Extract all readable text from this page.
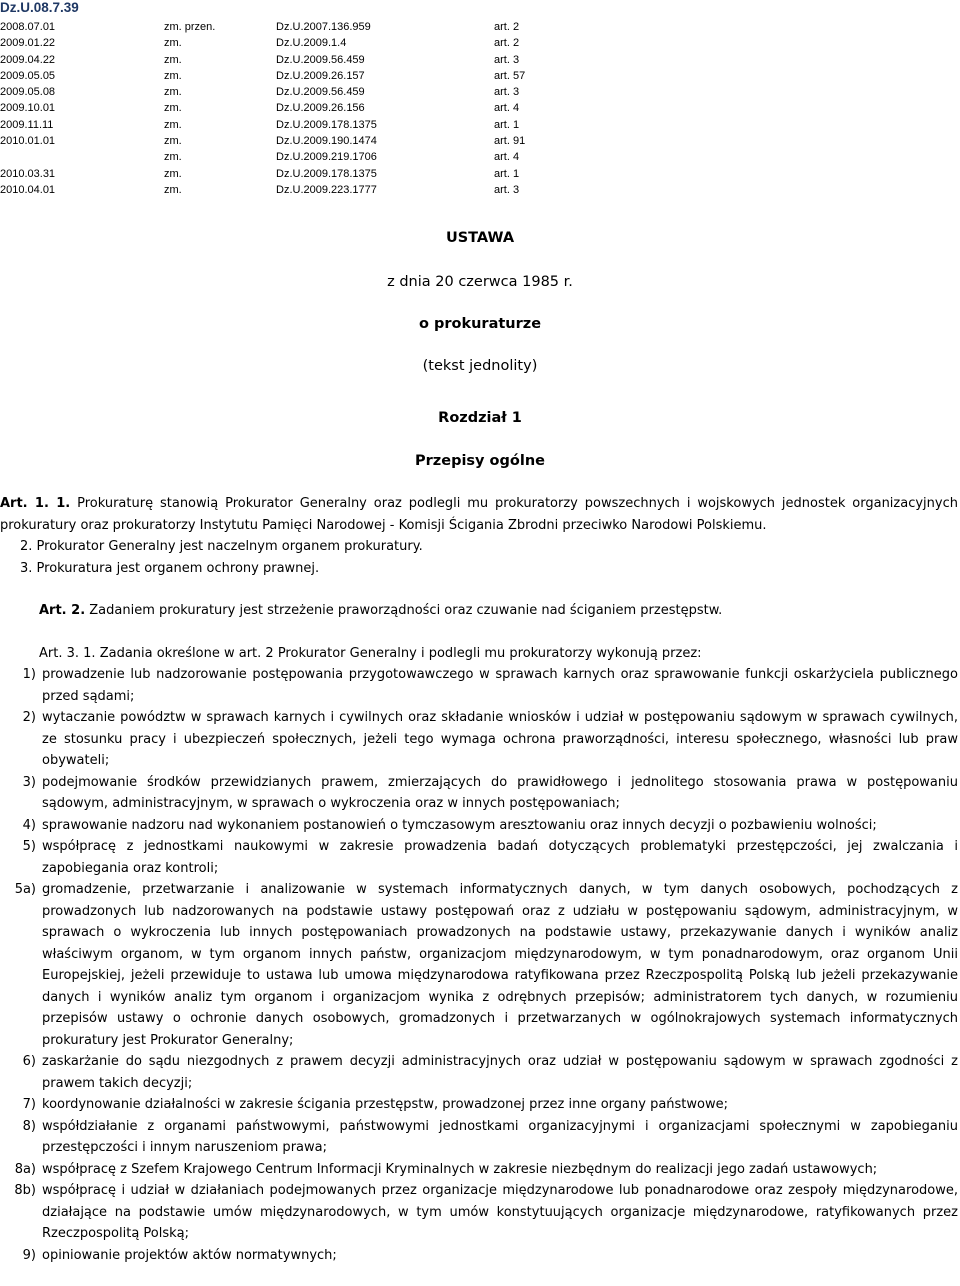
Dz.U.08.7.39
2008.07.01	zm. przen.	Dz.U.2007.136.959	art. 2
2009.01.22	zm.	Dz.U.2009.1.4	art. 2
2009.04.22	zm.	Dz.U.2009.56.459	art. 3
2009.05.05	zm.	Dz.U.2009.26.157	art. 57
2009.05.08	zm.	Dz.U.2009.56.459	art. 3
2009.10.01	zm.	Dz.U.2009.26.156	art. 4
2009.11.11	zm.	Dz.U.2009.178.1375	art. 1
2010.01.01	zm.	Dz.U.2009.190.1474	art. 91
	zm.	Dz.U.2009.219.1706	art. 4
2010.03.31	zm.	Dz.U.2009.178.1375	art. 1
2010.04.01	zm.	Dz.U.2009.223.1777	art. 3
USTAWA
z dnia 20 czerwca 1985 r.
o prokuraturze
(tekst jednolity)
Rozdział 1
Przepisy ogólne

Art. 1. 1. Prokuraturę stanowią Prokurator Generalny oraz podlegli mu prokuratorzy powszechnych i wojskowych jednostek organizacyjnych prokuratury oraz prokuratorzy Instytutu Pamięci Narodowej - Komisji Ścigania Zbrodni przeciwko Narodowi Polskiemu.

2. Prokurator Generalny jest naczelnym organem prokuratury.

3. Prokuratura jest organem ochrony prawnej.

Art. 2. Zadaniem prokuratury jest strzeżenie praworządności oraz czuwanie nad ściganiem przestępstw.

Art. 3. 1. Zadania określone w art. 2 Prokurator Generalny i podlegli mu prokuratorzy wykonują przez:

1) prowadzenie lub nadzorowanie postępowania przygotowawczego w sprawach karnych oraz sprawowanie funkcji oskarżyciela publicznego przed sądami;
2) wytaczanie powództw w sprawach karnych i cywilnych oraz składanie wniosków i udział w postępowaniu sądowym w sprawach cywilnych, ze stosunku pracy i ubezpieczeń społecznych, jeżeli tego wymaga ochrona praworządności, interesu społecznego, własności lub praw obywateli;
3) podejmowanie środków przewidzianych prawem, zmierzających do prawidłowego i jednolitego stosowania prawa w postępowaniu sądowym, administracyjnym, w sprawach o wykroczenia oraz w innych postępowaniach;
4) sprawowanie nadzoru nad wykonaniem postanowień o tymczasowym aresztowaniu oraz innych decyzji o pozbawieniu wolności;
5) współpracę z jednostkami naukowymi w zakresie prowadzenia badań dotyczących problematyki przestępczości, jej zwalczania i zapobiegania oraz kontroli;
5a) gromadzenie, przetwarzanie i analizowanie w systemach informatycznych danych, w tym danych osobowych, pochodzących z prowadzonych lub nadzorowanych na podstawie ustawy postępowań oraz z udziału w postępowaniu sądowym, administracyjnym, w sprawach o wykroczenia lub innych postępowaniach prowadzonych na podstawie ustawy, przekazywanie danych i wyników analiz właściwym organom, w tym organom innych państw, organizacjom międzynarodowym, w tym ponadnarodowym, oraz organom Unii Europejskiej, jeżeli przewiduje to ustawa lub umowa międzynarodowa ratyfikowana przez Rzeczpospolitą Polską lub jeżeli przekazywanie danych i wyników analiz tym organom i organizacjom wynika z odrębnych przepisów; administratorem tych danych, w rozumieniu przepisów ustawy o ochronie danych osobowych, gromadzonych i przetwarzanych w ogólnokrajowych systemach informatycznych prokuratury jest Prokurator Generalny;
6) zaskarżanie do sądu niezgodnych z prawem decyzji administracyjnych oraz udział w postępowaniu sądowym w sprawach zgodności z prawem takich decyzji;
7) koordynowanie działalności w zakresie ścigania przestępstw, prowadzonej przez inne organy państwowe;
8) współdziałanie z organami państwowymi, państwowymi jednostkami organizacyjnymi i organizacjami społecznymi w zapobieganiu przestępczości i innym naruszeniom prawa;
8a) współpracę z Szefem Krajowego Centrum Informacji Kryminalnych w zakresie niezbędnym do realizacji jego zadań ustawowych;
8b) współpracę i udział w działaniach podejmowanych przez organizacje międzynarodowe lub ponadnarodowe oraz zespoły międzynarodowe, działające na podstawie umów międzynarodowych, w tym umów konstytuujących organizacje międzynarodowe, ratyfikowanych przez Rzeczpospolitą Polską;
9) opiniowanie projektów aktów normatywnych;
